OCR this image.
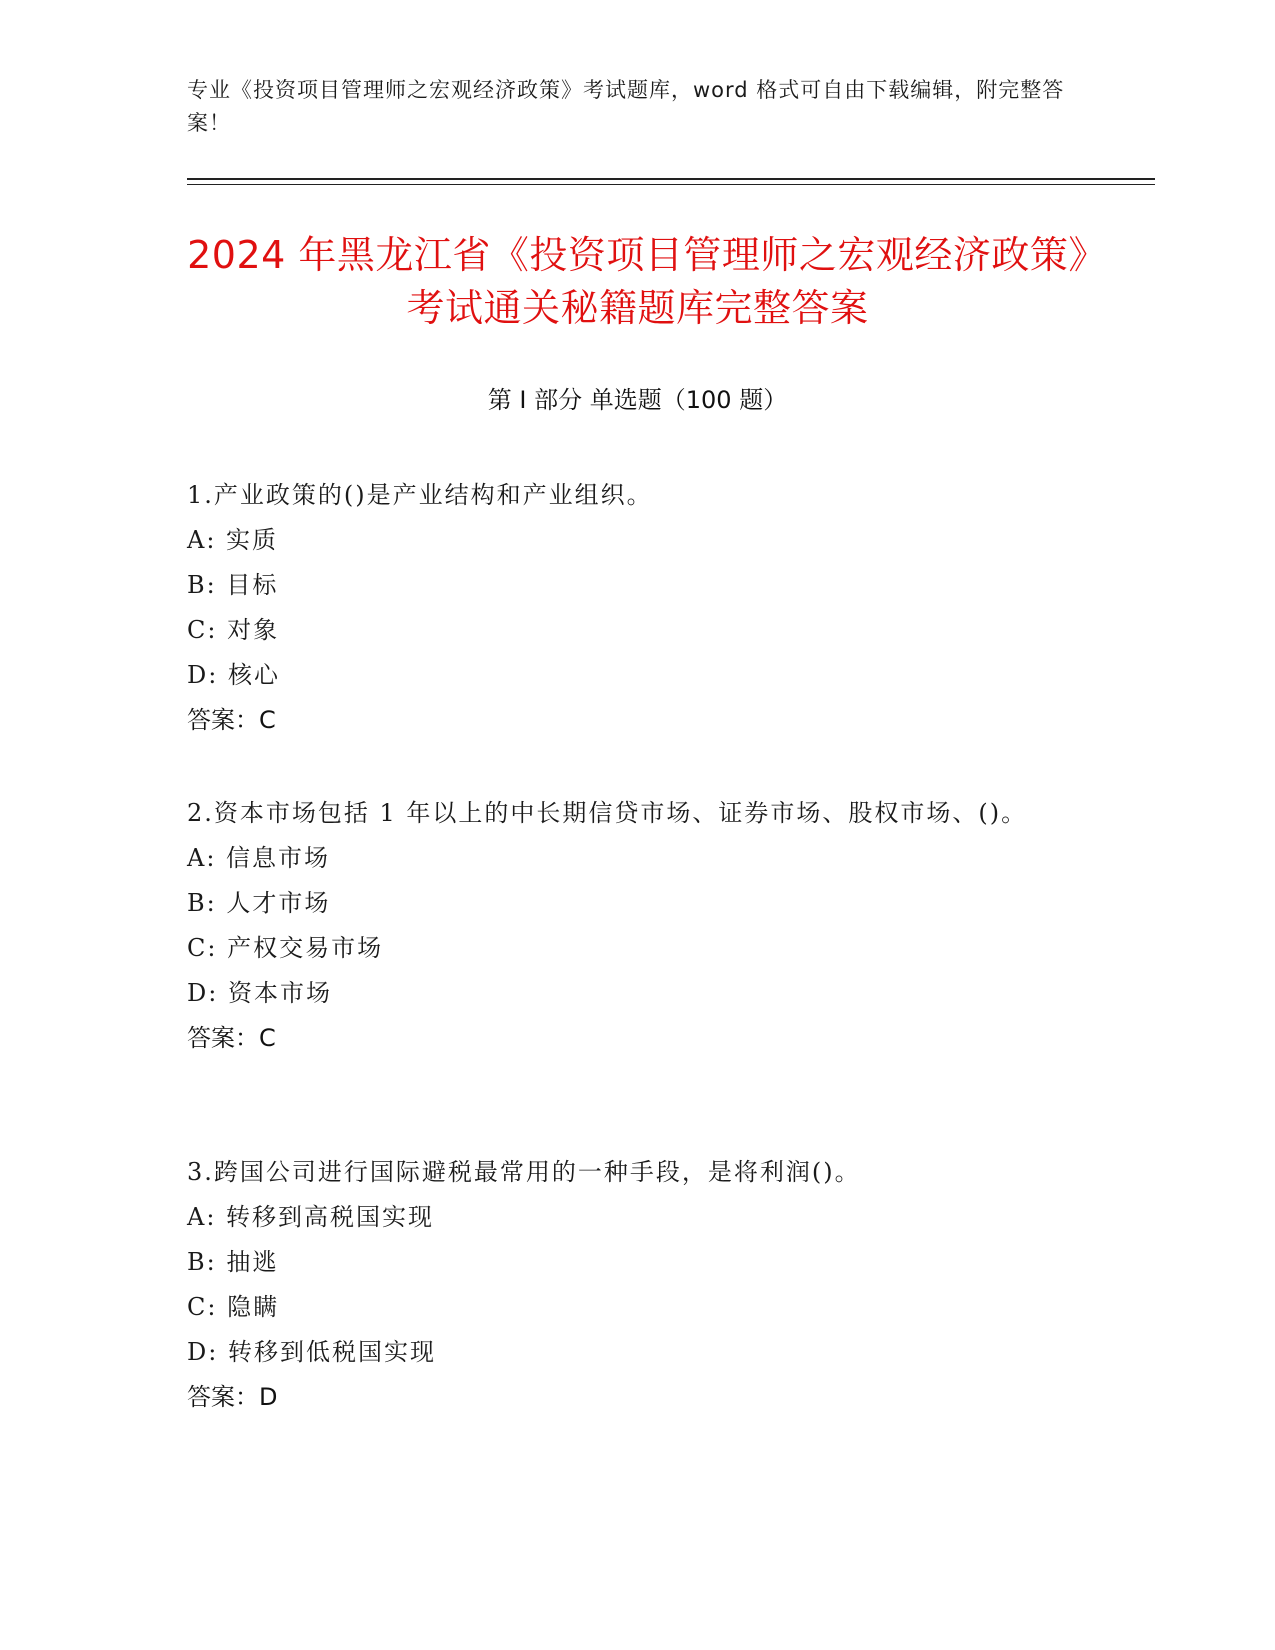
专业《投资项目管理师之宏观经济政策》考试题库，word 格式可自由下载编辑，附完整答案！
2024 年黑龙江省《投资项目管理师之宏观经济政策》考试通关秘籍题库完整答案
第 I 部分 单选题（100 题）
1.产业政策的()是产业结构和产业组织。
A: 实质
B: 目标
C: 对象
D: 核心
答案：C
2.资本市场包括 1 年以上的中长期信贷市场、证券市场、股权市场、()。
A: 信息市场
B: 人才市场
C: 产权交易市场
D: 资本市场
答案：C
3.跨国公司进行国际避税最常用的一种手段，是将利润()。
A: 转移到高税国实现
B: 抽逃
C: 隐瞒
D: 转移到低税国实现
答案：D
